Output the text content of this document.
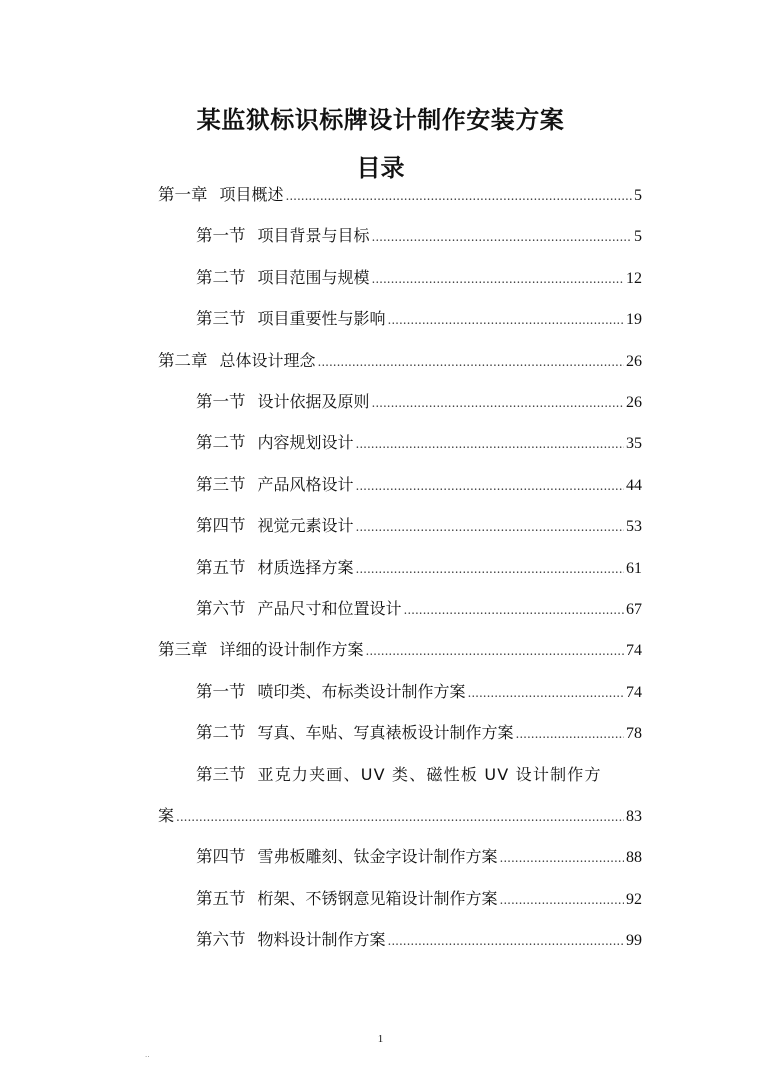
某监狱标识标牌设计制作安装方案
目录
第一章 项目概述 .....	5
第一节 项目背景与目标 .....	5
第二节 项目范围与规模 .....	12
第三节 项目重要性与影响 .....	19
第二章 总体设计理念 .....	26
第一节 设计依据及原则 .....	26
第二节 内容规划设计 .....	35
第三节 产品风格设计 .....	44
第四节 视觉元素设计 .....	53
第五节 材质选择方案 .....	61
第六节 产品尺寸和位置设计 .....	67
第三章 详细的设计制作方案 .....	74
第一节 喷印类、布标类设计制作方案 .....	74
第二节 写真、车贴、写真裱板设计制作方案 .....	78
第三节 亚克力夹画、UV 类、磁性板 UV 设计制作方
案 .....	83
第四节 雪弗板雕刻、钛金字设计制作方案 .....	88
第五节 桁架、不锈钢意见箱设计制作方案 .....	92
第六节 物料设计制作方案 .....	99
1
..
